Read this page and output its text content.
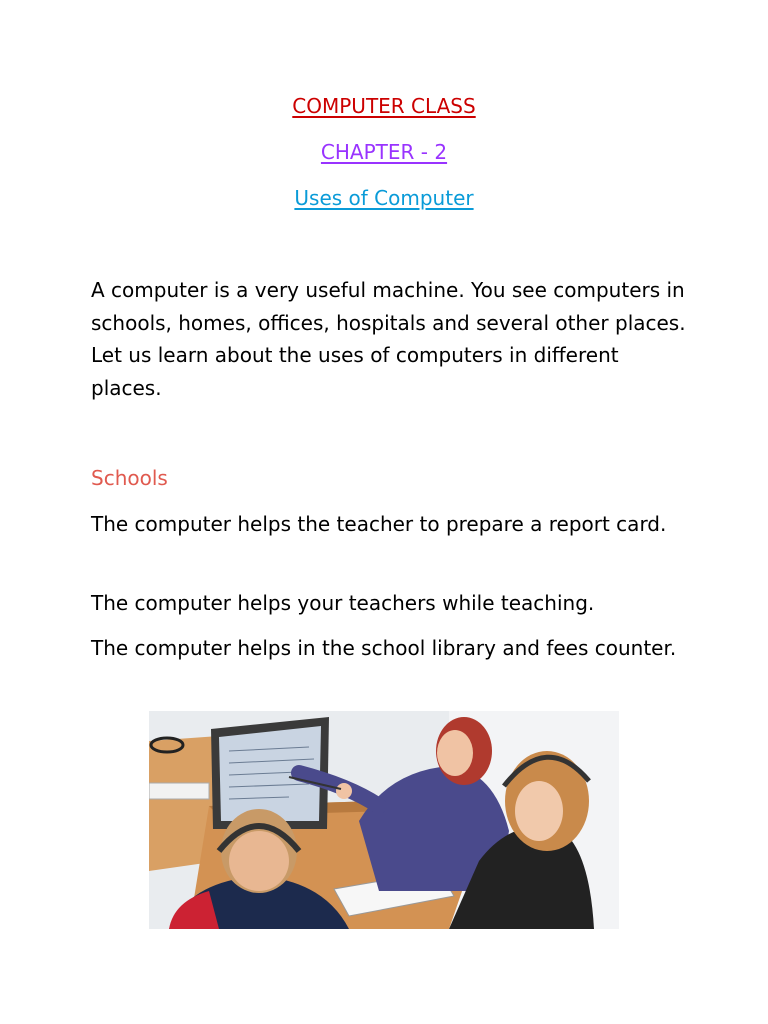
COMPUTER CLASS
CHAPTER - 2
Uses of Computer

A computer is a very useful machine. You see computers in schools, homes, offices, hospitals and several other places. Let us learn about the uses of computers in different places.

Schools

The computer helps the teacher to prepare a report card.

The computer helps your teachers while teaching.

The computer helps in the school library and fees counter.
